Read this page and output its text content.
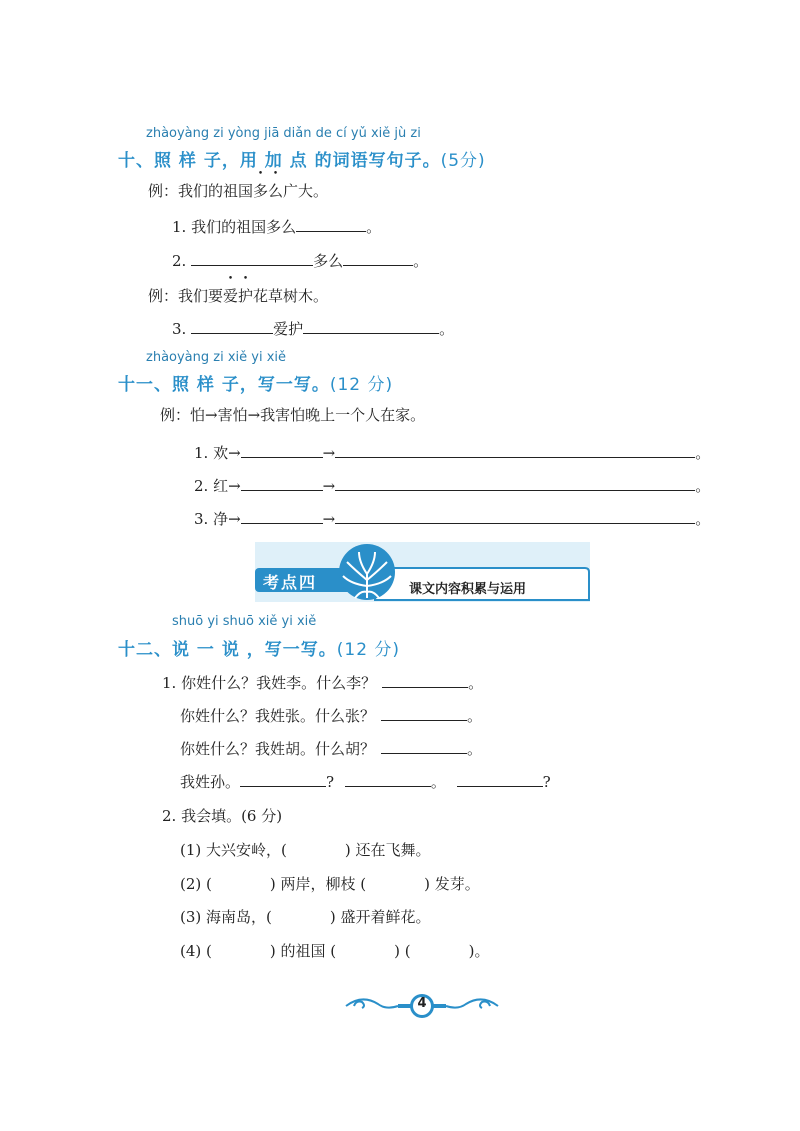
zhàoyàng zi yòng jiā diǎn de cí yǔ xiě jù zi
十、照 样 子，用 加 点 的词语写句子。(5分)
例：我们的祖国多么广大。
1. 我们的祖国多么	。
2.	多么	。
例：我们要爱护花草树木。
3.	爱护	。
zhàoyàng zi xiě yi xiě
十一、照 样 子，写一写。(12 分)
例：怕→害怕→我害怕晚上一个人在家。
1. 欢→	→	。
2. 红→	→	。
3. 净→	→	。
考点四	课文内容积累与运用
shuō yi shuō xiě yi xiě
十二、说 一 说 ，写一写。(12 分)
1. 你姓什么？我姓李。什么李？	。
你姓什么？我姓张。什么张？	。
你姓什么？我姓胡。什么胡？	。
我姓孙。	?	。	?
2. 我会填。(6 分)
(1) 大兴安岭，(	) 还在飞舞。
(2) (	) 两岸，柳枝 (	) 发芽。
(3) 海南岛，(	) 盛开着鲜花。
(4) (	) 的祖国 (	) (	)。
4
